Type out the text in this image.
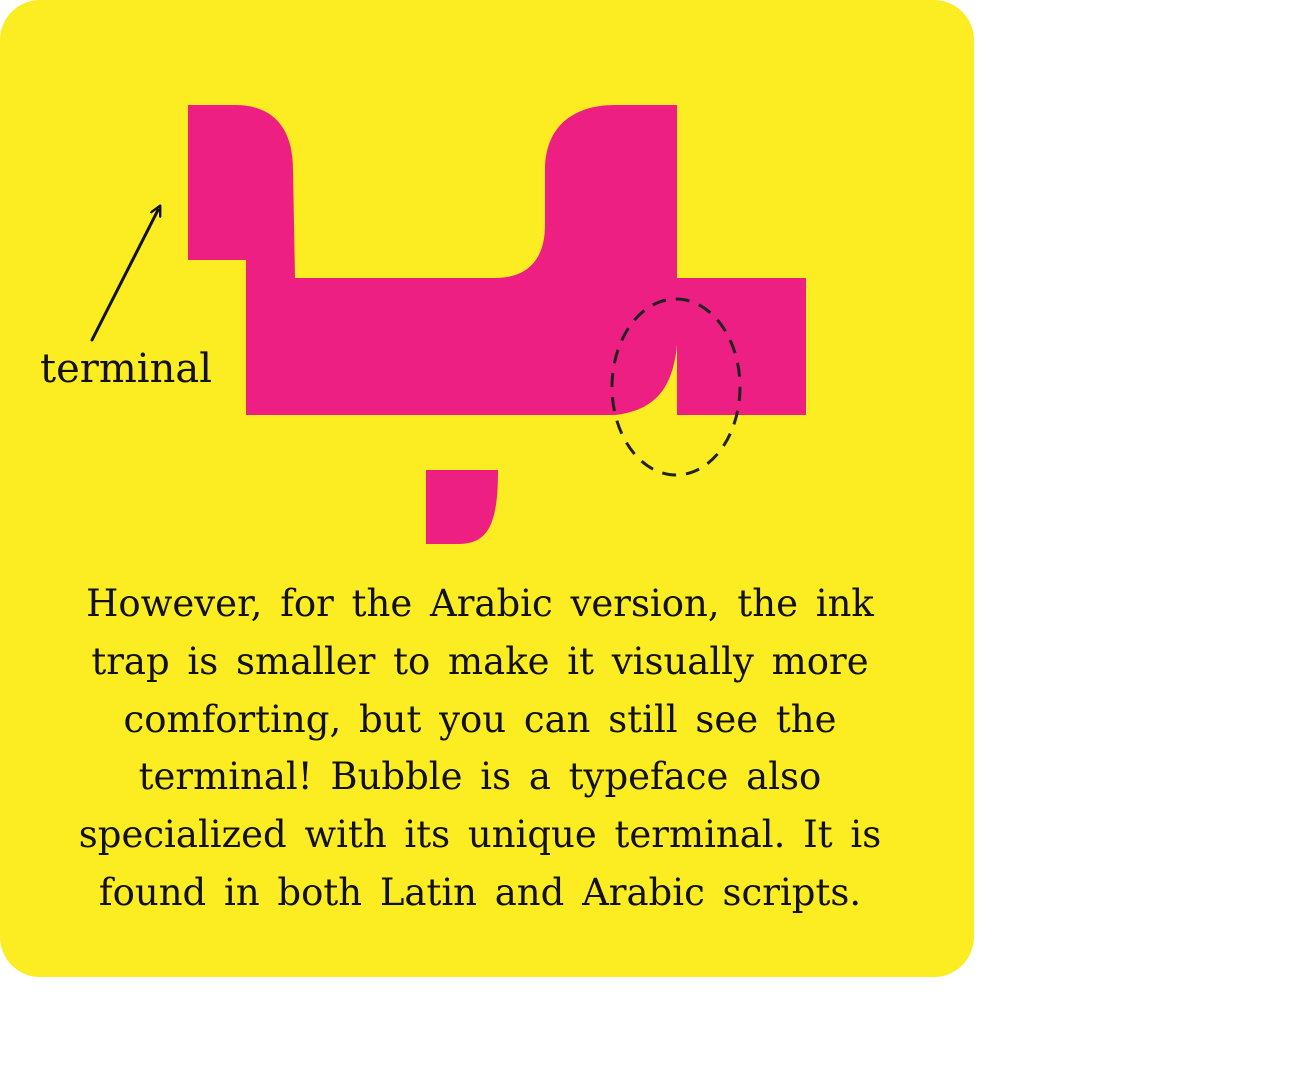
terminal

However, for the Arabic version, the ink trap is smaller to make it visually more comforting, but you can still see the terminal! Bubble is a typeface also specialized with its unique terminal. It is found in both Latin and Arabic scripts.
